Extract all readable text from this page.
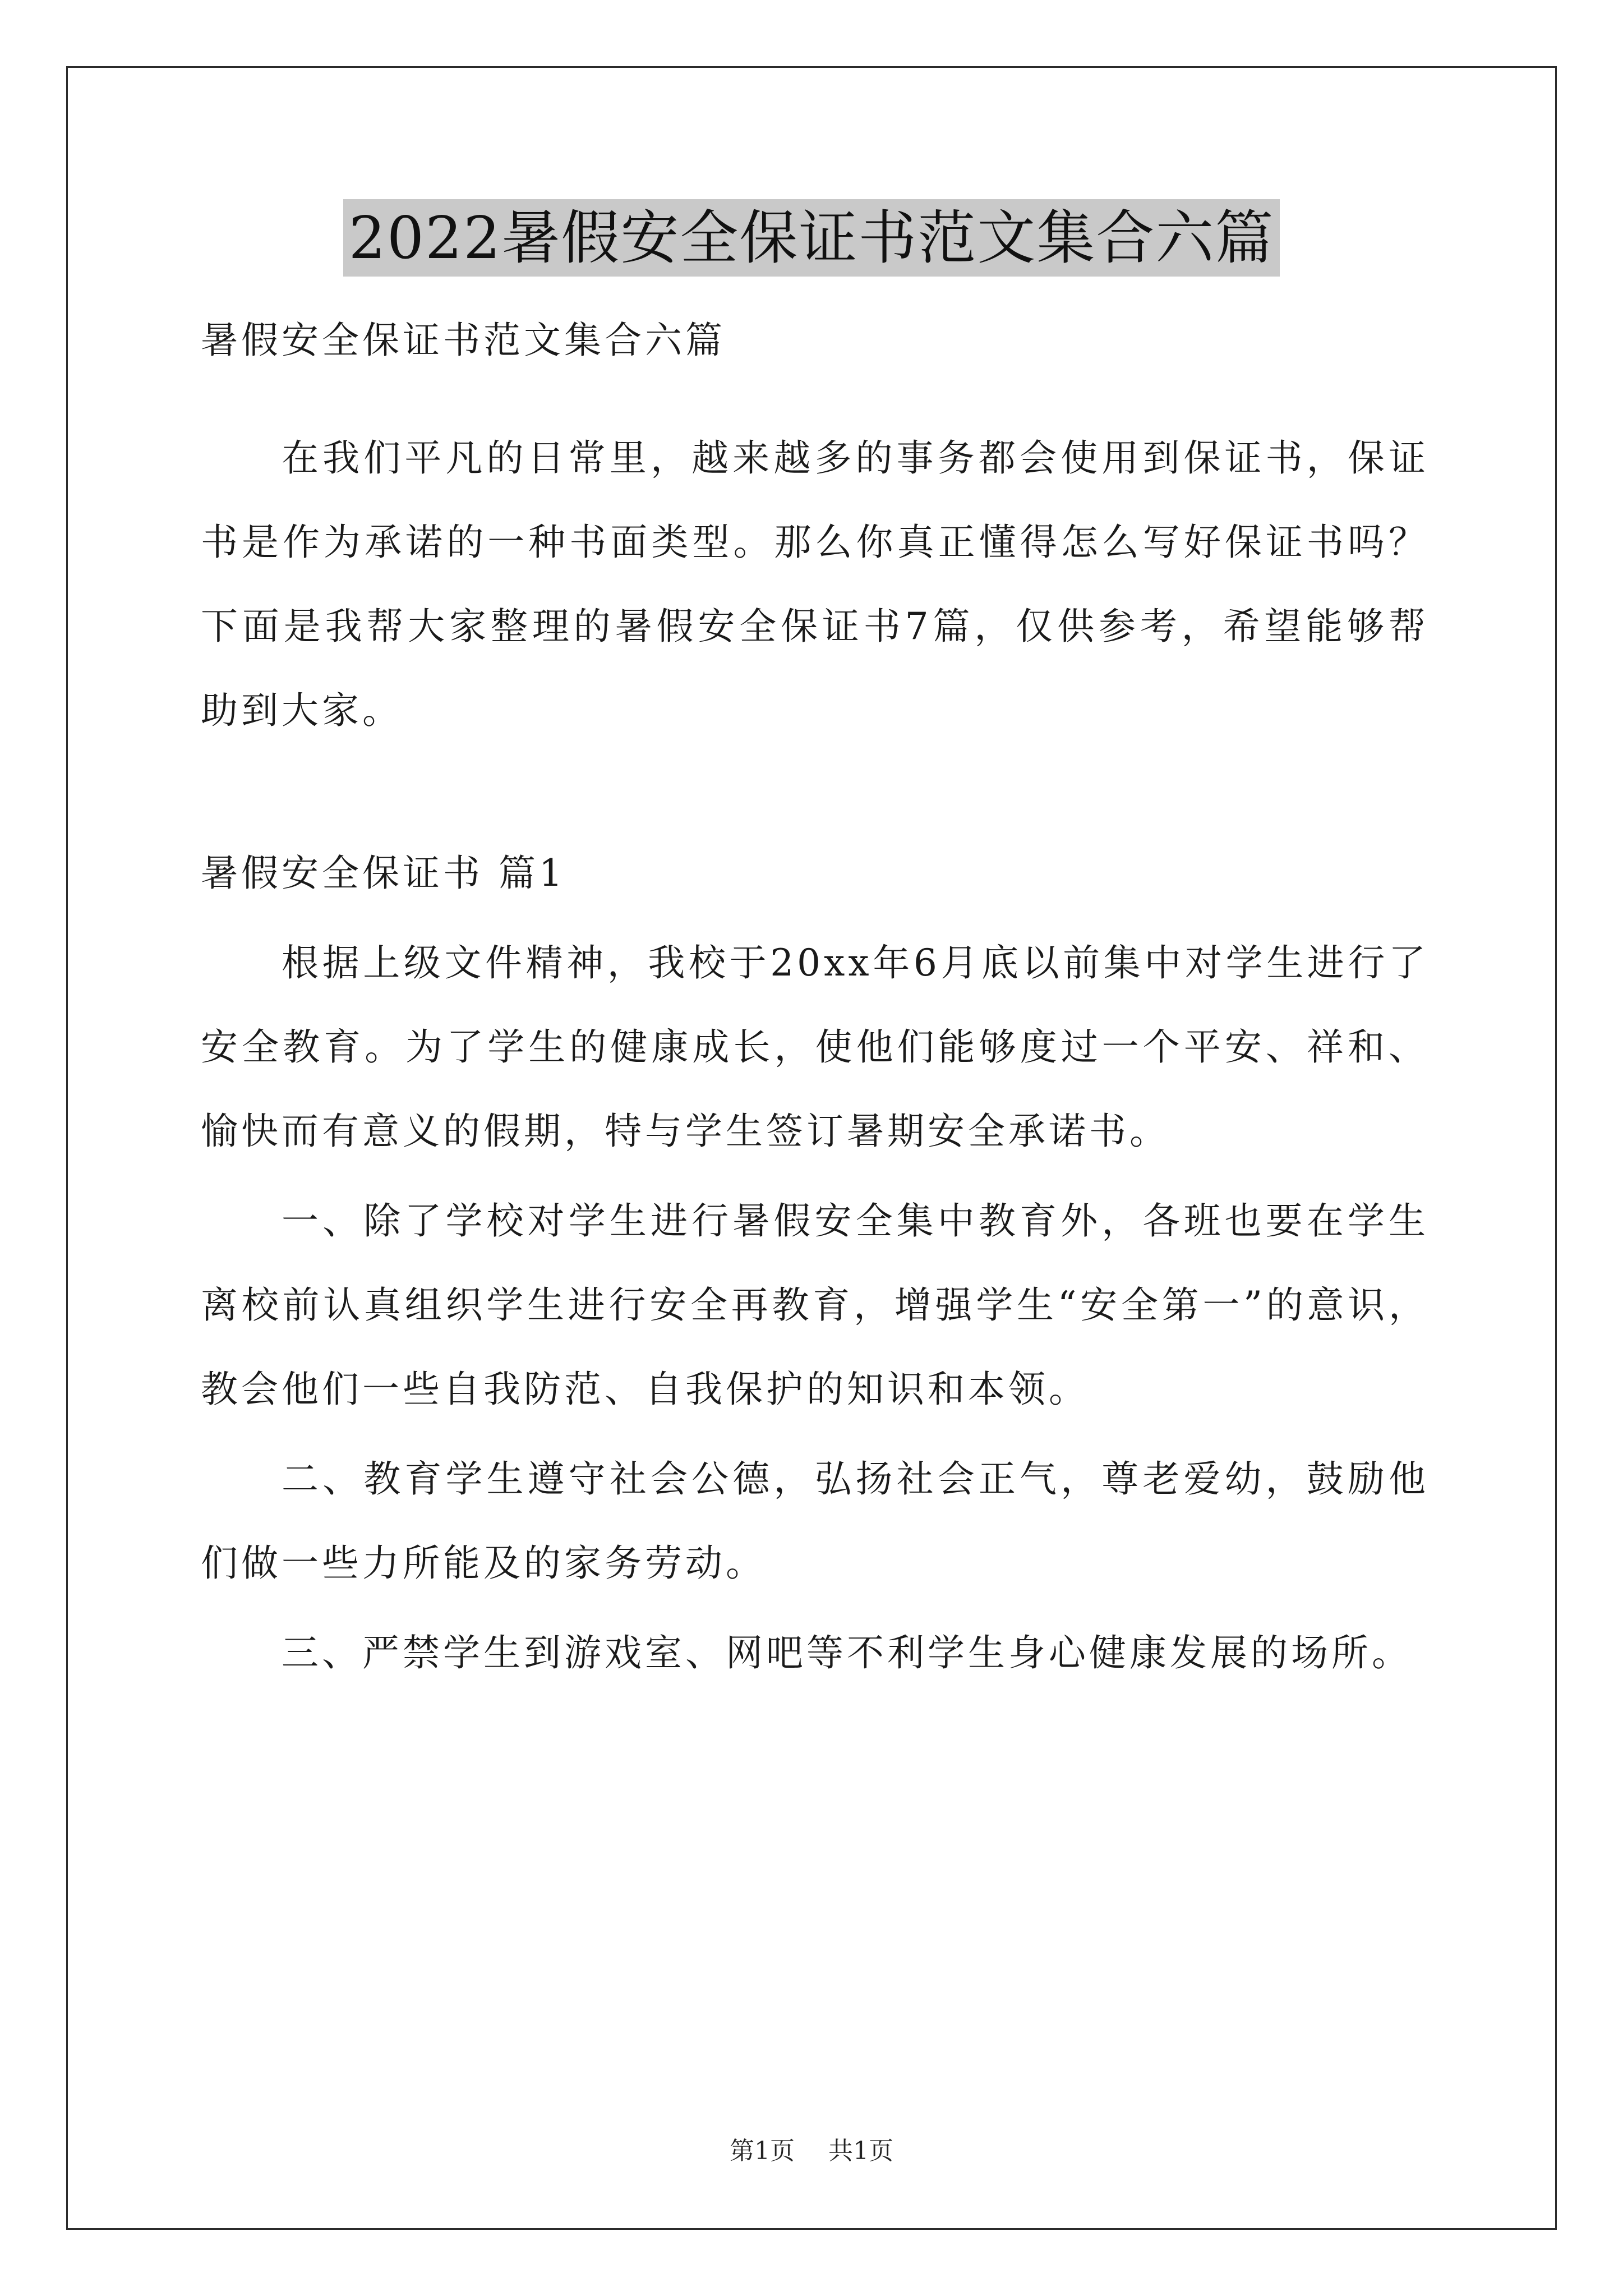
2022暑假安全保证书范文集合六篇

暑假安全保证书范文集合六篇

在我们平凡的日常里，越来越多的事务都会使用到保证书，保证书是作为承诺的一种书面类型。那么你真正懂得怎么写好保证书吗？下面是我帮大家整理的暑假安全保证书7篇，仅供参考，希望能够帮助到大家。

暑假安全保证书 篇1

根据上级文件精神，我校于20xx年6月底以前集中对学生进行了安全教育。为了学生的健康成长，使他们能够度过一个平安、祥和、愉快而有意义的假期，特与学生签订暑期安全承诺书。

一、除了学校对学生进行暑假安全集中教育外，各班也要在学生离校前认真组织学生进行安全再教育，增强学生“安全第一”的意识，教会他们一些自我防范、自我保护的知识和本领。

二、教育学生遵守社会公德，弘扬社会正气，尊老爱幼，鼓励他们做一些力所能及的家务劳动。

三、严禁学生到游戏室、网吧等不利学生身心健康发展的场所。

第1页 共1页
